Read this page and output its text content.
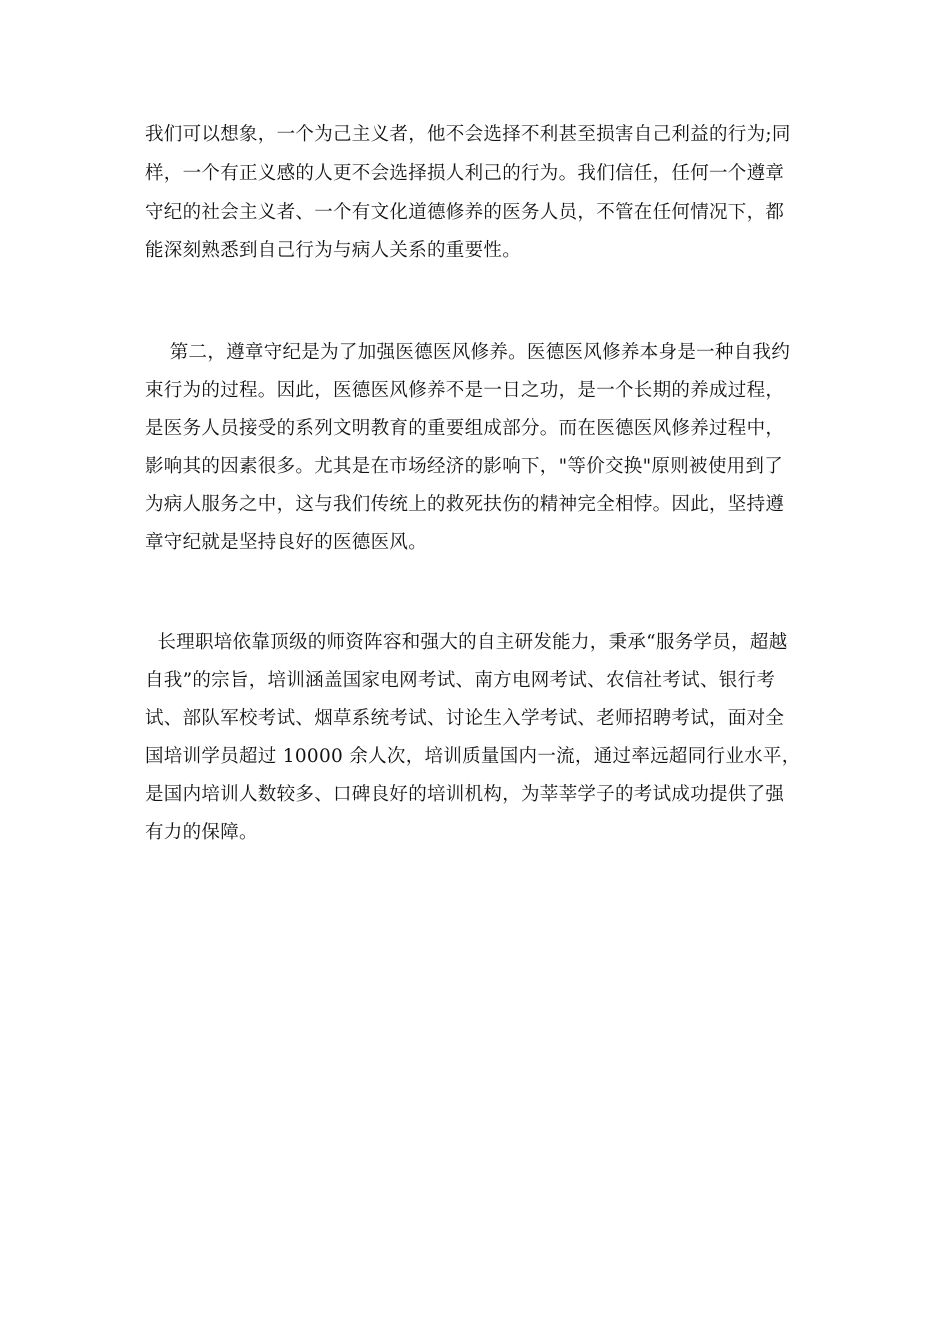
我们可以想象，一个为己主义者，他不会选择不利甚至损害自己利益的行为;同

样，一个有正义感的人更不会选择损人利己的行为。我们信任，任何一个遵章

守纪的社会主义者、一个有文化道德修养的医务人员，不管在任何情况下，都

能深刻熟悉到自己行为与病人关系的重要性。

第二，遵章守纪是为了加强医德医风修养。医德医风修养本身是一种自我约

束行为的过程。因此，医德医风修养不是一日之功，是一个长期的养成过程，

是医务人员接受的系列文明教育的重要组成部分。而在医德医风修养过程中，

影响其的因素很多。尤其是在市场经济的影响下，"等价交换"原则被使用到了

为病人服务之中，这与我们传统上的救死扶伤的精神完全相悖。因此，坚持遵

章守纪就是坚持良好的医德医风。

长理职培依靠顶级的师资阵容和强大的自主研发能力，秉承“服务学员，超越

自我”的宗旨，培训涵盖国家电网考试、南方电网考试、农信社考试、银行考

试、部队军校考试、烟草系统考试、讨论生入学考试、老师招聘考试，面对全

国培训学员超过 10000 余人次，培训质量国内一流，通过率远超同行业水平，

是国内培训人数较多、口碑良好的培训机构，为莘莘学子的考试成功提供了强

有力的保障。
